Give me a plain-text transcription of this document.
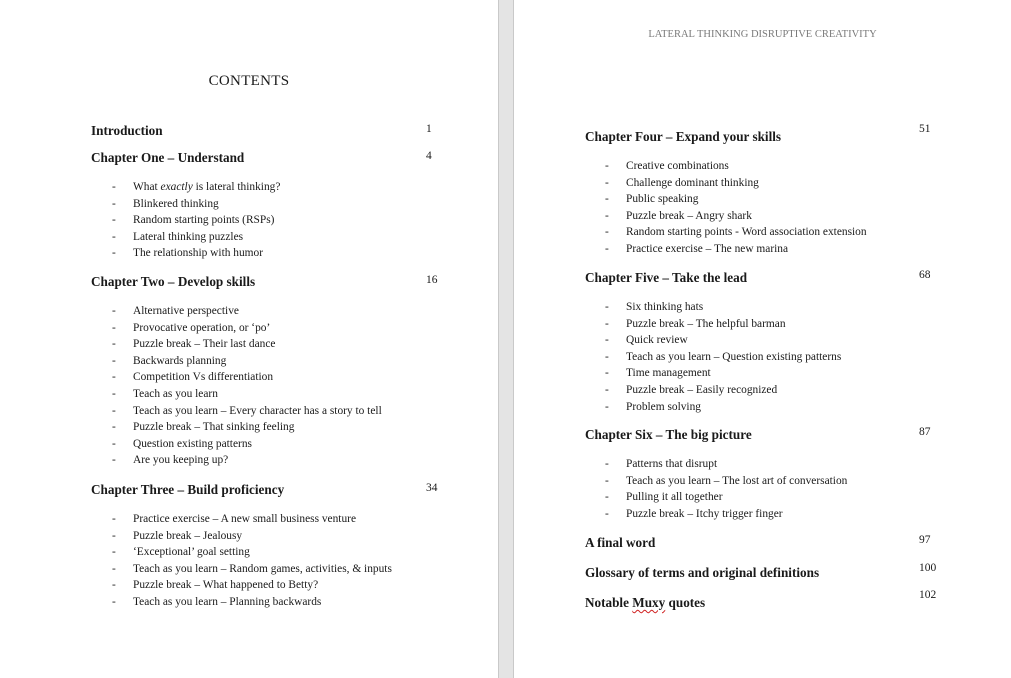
CONTENTS
Introduction	1
Chapter One – Understand	4
- What exactly is lateral thinking?
- Blinkered thinking
- Random starting points (RSPs)
- Lateral thinking puzzles
- The relationship with humor
Chapter Two – Develop skills	16
- Alternative perspective
- Provocative operation, or ‘po’
- Puzzle break – Their last dance
- Backwards planning
- Competition Vs differentiation
- Teach as you learn
- Teach as you learn – Every character has a story to tell
- Puzzle break – That sinking feeling
- Question existing patterns
- Are you keeping up?
Chapter Three – Build proficiency	34
- Practice exercise – A new small business venture
- Puzzle break – Jealousy
- ‘Exceptional’ goal setting
- Teach as you learn – Random games, activities, & inputs
- Puzzle break – What happened to Betty?
- Teach as you learn – Planning backwards
LATERAL THINKING DISRUPTIVE CREATIVITY
Chapter Four – Expand your skills	51
- Creative combinations
- Challenge dominant thinking
- Public speaking
- Puzzle break – Angry shark
- Random starting points - Word association extension
- Practice exercise – The new marina
Chapter Five – Take the lead	68
- Six thinking hats
- Puzzle break – The helpful barman
- Quick review
- Teach as you learn – Question existing patterns
- Time management
- Puzzle break – Easily recognized
- Problem solving
Chapter Six – The big picture	87
- Patterns that disrupt
- Teach as you learn – The lost art of conversation
- Pulling it all together
- Puzzle break – Itchy trigger finger
A final word	97
Glossary of terms and original definitions	100
Notable Muxy quotes	102
